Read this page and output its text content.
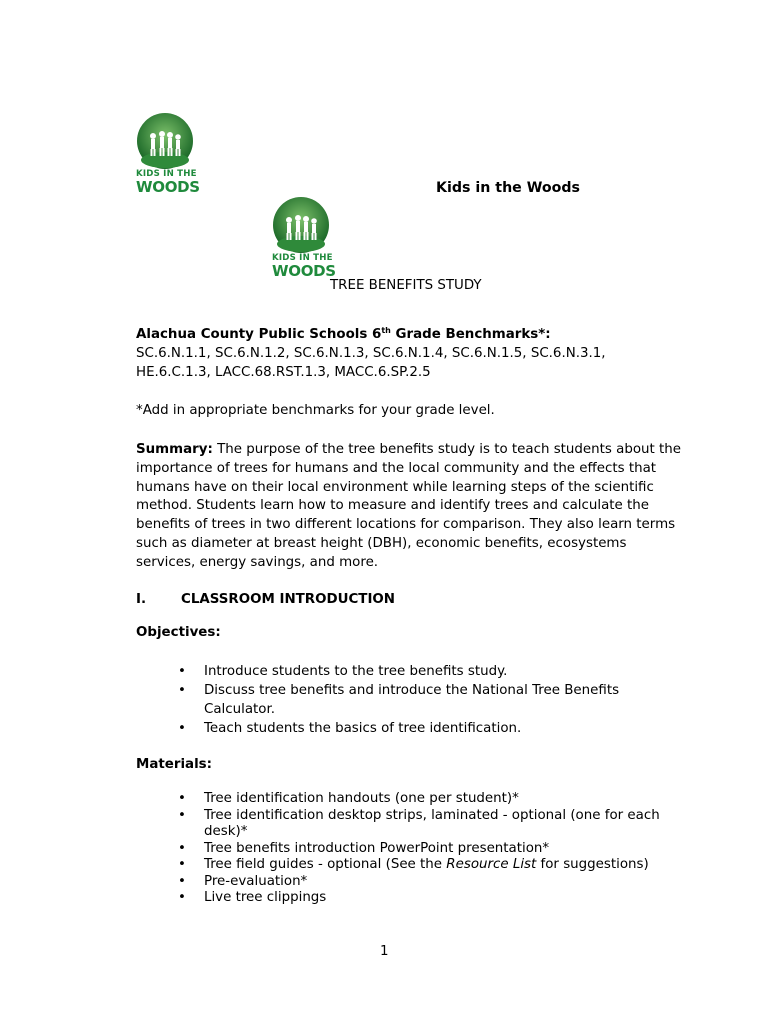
KIDS IN THE
WOODS
KIDS IN THE
WOODS
Kids in the Woods
TREE BENEFITS STUDY
Alachua County Public Schools 6th Grade Benchmarks*:
SC.6.N.1.1, SC.6.N.1.2, SC.6.N.1.3, SC.6.N.1.4, SC.6.N.1.5, SC.6.N.3.1, HE.6.C.1.3, LACC.68.RST.1.3, MACC.6.SP.2.5
*Add in appropriate benchmarks for your grade level.
Summary: The purpose of the tree benefits study is to teach students about the importance of trees for humans and the local community and the effects that humans have on their local environment while learning steps of the scientific method. Students learn how to measure and identify trees and calculate the benefits of trees in two different locations for comparison. They also learn terms such as diameter at breast height (DBH), economic benefits, ecosystems services, energy savings, and more.
I.	CLASSROOM INTRODUCTION
Objectives:
• Introduce students to the tree benefits study.
• Discuss tree benefits and introduce the National Tree Benefits Calculator.
• Teach students the basics of tree identification.
Materials:
• Tree identification handouts (one per student)*
• Tree identification desktop strips, laminated - optional (one for each desk)*
• Tree benefits introduction PowerPoint presentation*
• Tree field guides - optional (See the Resource List for suggestions)
• Pre-evaluation*
• Live tree clippings
1
